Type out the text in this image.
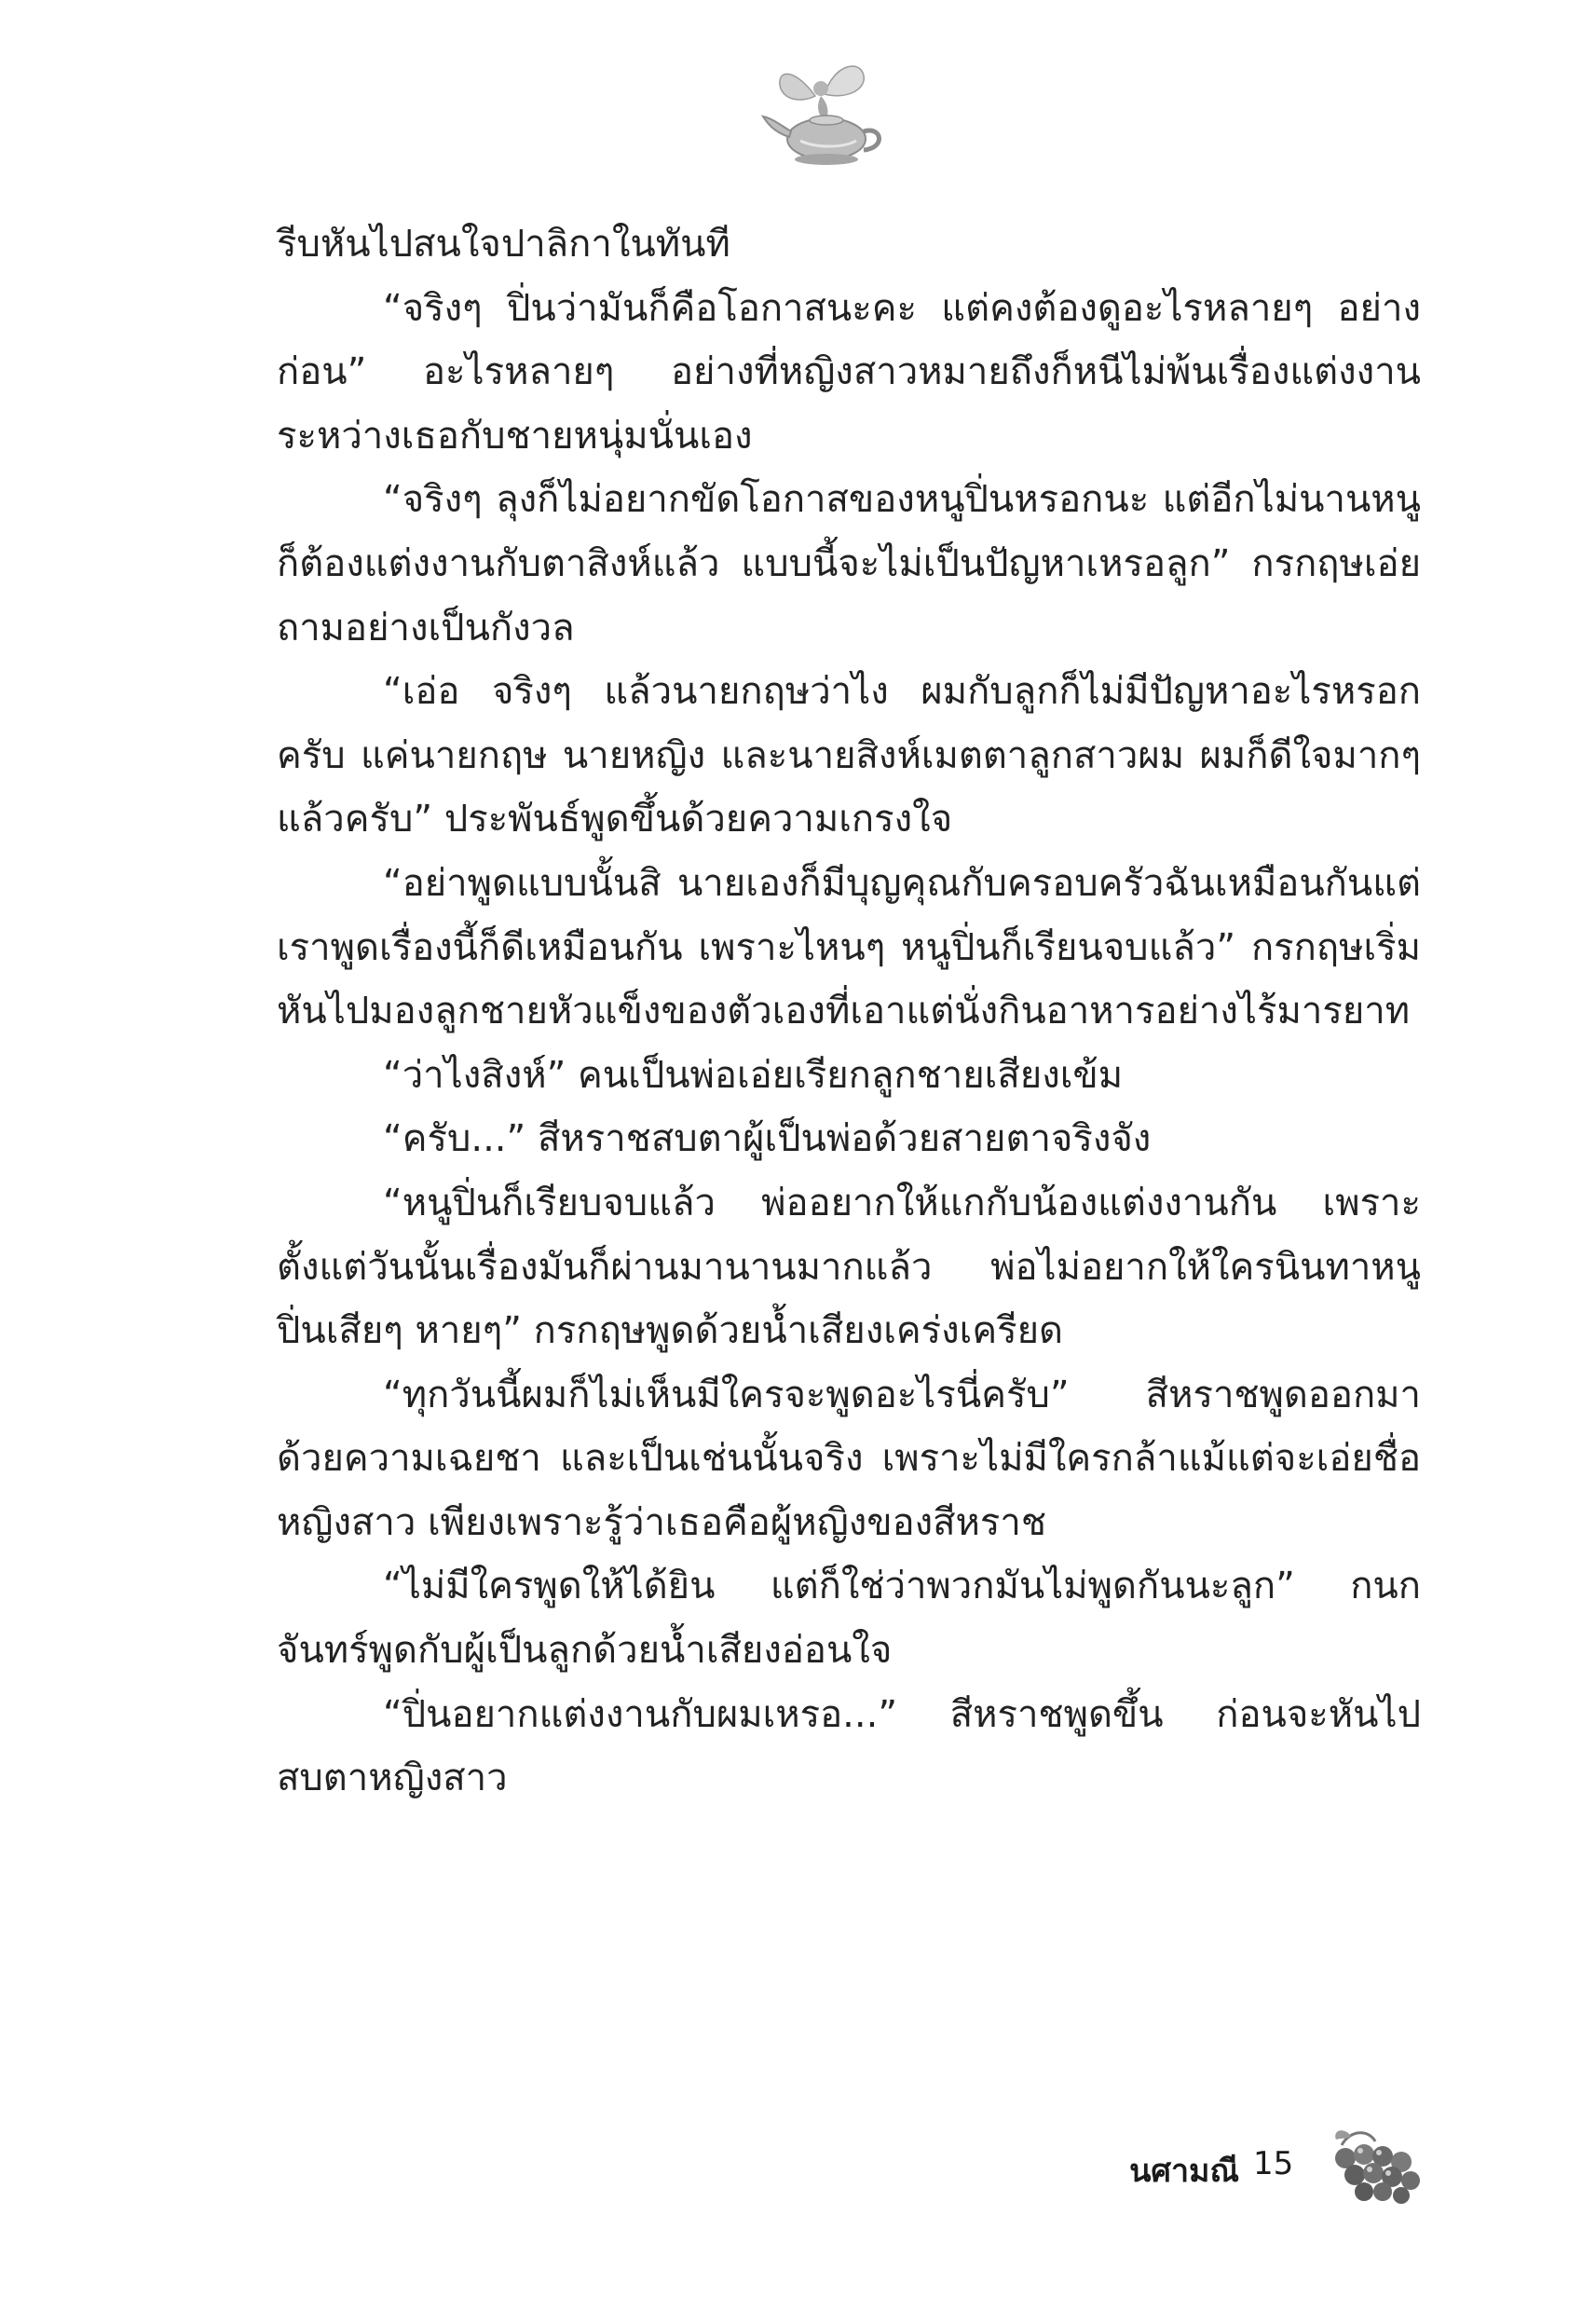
รีบหันไปสนใจปาลิกาในทันที

“จริงๆ ปิ่นว่ามันก็คือโอกาสนะคะ แต่คงต้องดูอะไรหลายๆ อย่างก่อน” อะไรหลายๆ อย่างที่หญิงสาวหมายถึงก็หนีไม่พ้นเรื่องแต่งงานระหว่างเธอกับชายหนุ่มนั่นเอง

“จริงๆ ลุงก็ไม่อยากขัดโอกาสของหนูปิ่นหรอกนะ แต่อีกไม่นานหนูก็ต้องแต่งงานกับตาสิงห์แล้ว แบบนี้จะไม่เป็นปัญหาเหรอลูก” กรกฤษเอ่ยถามอย่างเป็นกังวล

“เอ่อ จริงๆ แล้วนายกฤษว่าไง ผมกับลูกก็ไม่มีปัญหาอะไรหรอกครับ แค่นายกฤษ นายหญิง และนายสิงห์เมตตาลูกสาวผม ผมก็ดีใจมากๆ แล้วครับ” ประพันธ์พูดขึ้นด้วยความเกรงใจ

“อย่าพูดแบบนั้นสิ นายเองก็มีบุญคุณกับครอบครัวฉันเหมือนกันแต่เราพูดเรื่องนี้ก็ดีเหมือนกัน เพราะไหนๆ หนูปิ่นก็เรียนจบแล้ว” กรกฤษเริ่มหันไปมองลูกชายหัวแข็งของตัวเองที่เอาแต่นั่งกินอาหารอย่างไร้มารยาท

“ว่าไงสิงห์” คนเป็นพ่อเอ่ยเรียกลูกชายเสียงเข้ม

“ครับ...” สีหราชสบตาผู้เป็นพ่อด้วยสายตาจริงจัง

“หนูปิ่นก็เรียบจบแล้ว พ่ออยากให้แกกับน้องแต่งงานกัน เพราะตั้งแต่วันนั้นเรื่องมันก็ผ่านมานานมากแล้ว พ่อไม่อยากให้ใครนินทาหนูปิ่นเสียๆ หายๆ” กรกฤษพูดด้วยน้ำเสียงเคร่งเครียด

“ทุกวันนี้ผมก็ไม่เห็นมีใครจะพูดอะไรนี่ครับ” สีหราชพูดออกมาด้วยความเฉยชา และเป็นเช่นนั้นจริง เพราะไม่มีใครกล้าแม้แต่จะเอ่ยชื่อหญิงสาว เพียงเพราะรู้ว่าเธอคือผู้หญิงของสีหราช

“ไม่มีใครพูดให้ได้ยิน แต่ก็ใช่ว่าพวกมันไม่พูดกันนะลูก” กนกจันทร์พูดกับผู้เป็นลูกด้วยน้ำเสียงอ่อนใจ

“ปิ่นอยากแต่งงานกับผมเหรอ...” สีหราชพูดขึ้น ก่อนจะหันไปสบตาหญิงสาว

นศามณี 15
